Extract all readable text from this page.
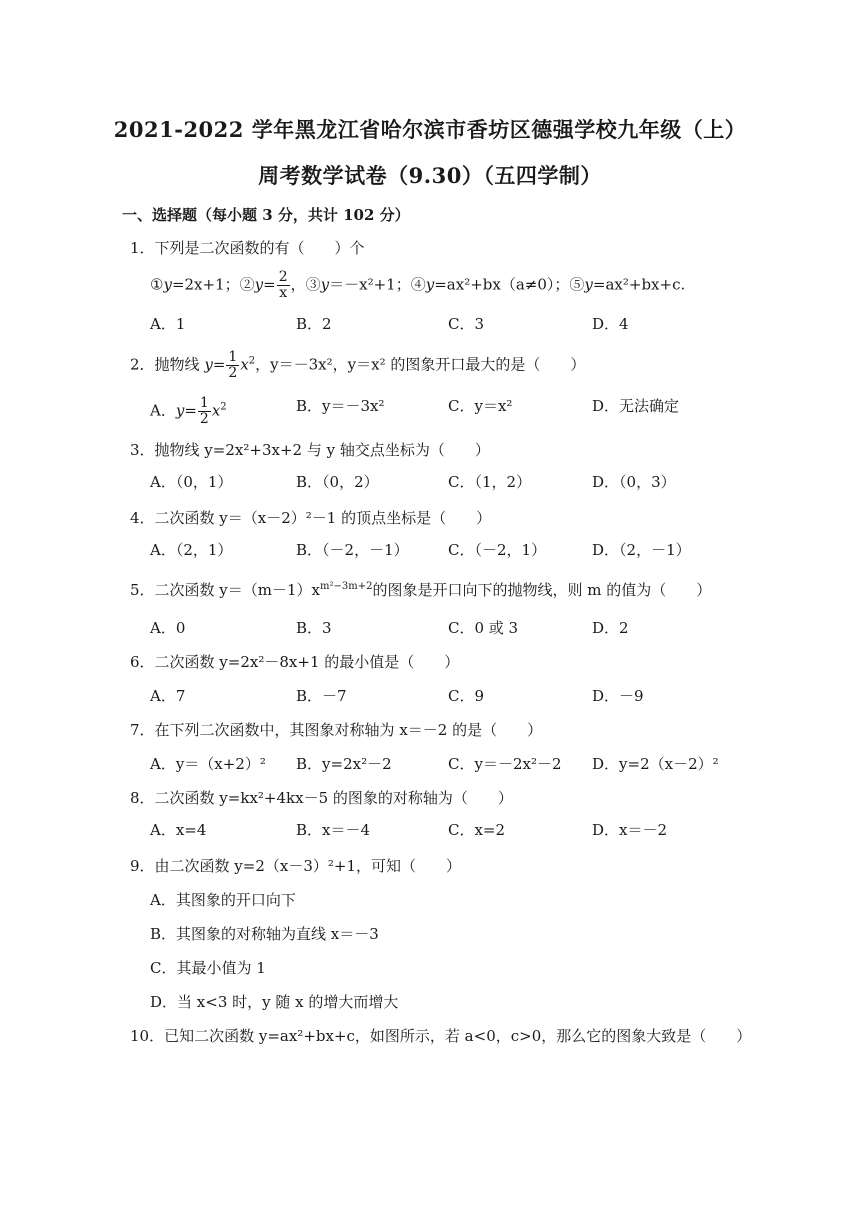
2021-2022 学年黑龙江省哈尔滨市香坊区德强学校九年级（上）
周考数学试卷（9.30）（五四学制）
一、选择题（每小题 3 分，共计 102 分）
1．下列是二次函数的有（　　）个
①y=2x+1；②y= $\frac{2}{x}$ ，③y＝－x²+1；④y=ax²+bx（a≠0）；⑤y=ax²+bx+c.
A．1	B．2	C．3	D．4
2．抛物线 $y= \frac{1}{2} x^2$，y＝－3x²，y＝x² 的图象开口最大的是（　　）
A．$y= \frac{1}{2} x^2$	B．y＝－3x²	C．y＝x²	D．无法确定
3．抛物线 y=2x²+3x+2 与 y 轴交点坐标为（　　）
A．（0，1）	B．（0，2）	C．（1，2）	D．（0，3）
4．二次函数 y＝（x－2）²－1 的顶点坐标是（　　）
A．（2，1）	B．（－2，－1）	C．（－2，1）	D．（2，－1）
5．二次函数 $y=(m-1)x^{m^2-3m+2}$的图象是开口向下的抛物线，则 m 的值为（　　）
A．0	B．3	C．0 或 3	D．2
6．二次函数 y=2x²－8x+1 的最小值是（　　）
A．7	B．－7	C．9	D．－9
7．在下列二次函数中，其图象对称轴为 x＝－2 的是（　　）
A．y＝（x+2）² B．y=2x²－2	C．y＝－2x²－2 D．y=2（x－2）²
8．二次函数 y=kx²+4kx－5 的图象的对称轴为（　　）
A．x=4	B．x＝－4	C．x=2	D．x＝－2
9．由二次函数 y=2（x－3）²+1，可知（　　）
A．其图象的开口向下
B．其图象的对称轴为直线 x＝－3
C．其最小值为 1
D．当 x<3 时，y 随 x 的增大而增大
10．已知二次函数 y=ax²+bx+c，如图所示，若 a<0，c>0，那么它的图象大致是（　　）
